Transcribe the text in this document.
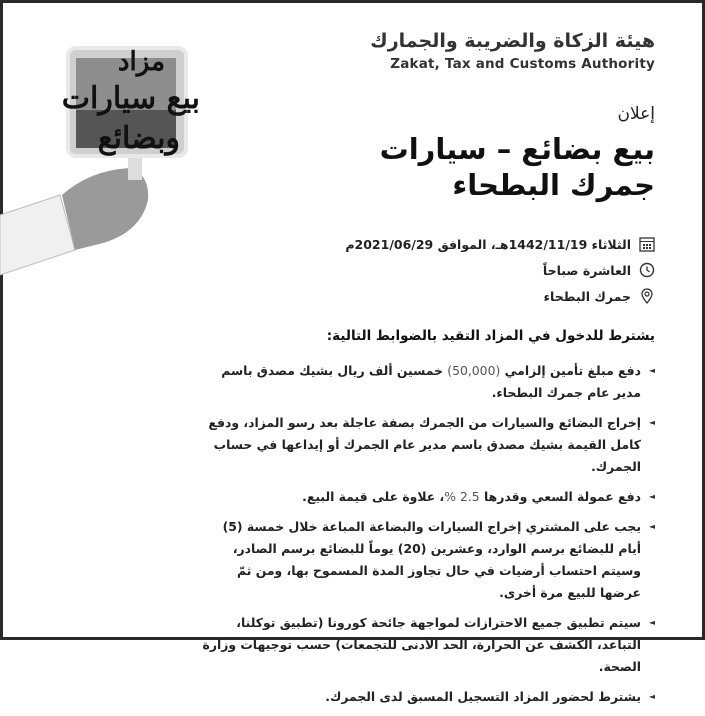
مزاد
بيع سيارات
وبضائع
هيئة الزكاة والضريبة والجمارك
Zakat, Tax and Customs Authority
إعلان
بيع بضائع – سيارات
جمرك البطحاء
الثلاثاء 1442/11/19هـ، الموافق 2021/06/29م
العاشرة صباحاً
جمرك البطحاء
يشترط للدخول في المزاد التقيد بالضوابط التالية:
◄
دفع مبلغ تأمين إلزامي (50,000) خمسين ألف ريال بشيك مصدق باسم مدير عام جمرك البطحاء.
◄
إخراج البضائع والسيارات من الجمرك بصفة عاجلة بعد رسو المزاد، ودفع كامل القيمة بشيك مصدق باسم مدير عام الجمرك أو إيداعها في حساب الجمرك.
◄
دفع عمولة السعي وقدرها 2.5 %، علاوة على قيمة البيع.
◄
يجب على المشتري إخراج السيارات والبضاعة المباعة خلال خمسة (5) أيام للبضائع برسم الوارد، وعشرين (20) يوماً للبضائع برسم الصادر، وسيتم احتساب أرضيات في حال تجاوز المدة المسموح بها، ومن ثمّ عرضها للبيع مرة أخرى.
◄
سيتم تطبيق جميع الاحترازات لمواجهة جائحة كورونا (تطبيق توكلنا، التباعد، الكشف عن الحرارة، الحد الأدنى للتجمعات) حسب توجيهات وزارة الصحة.
◄
يشترط لحضور المزاد التسجيل المسبق لدى الجمرك.
